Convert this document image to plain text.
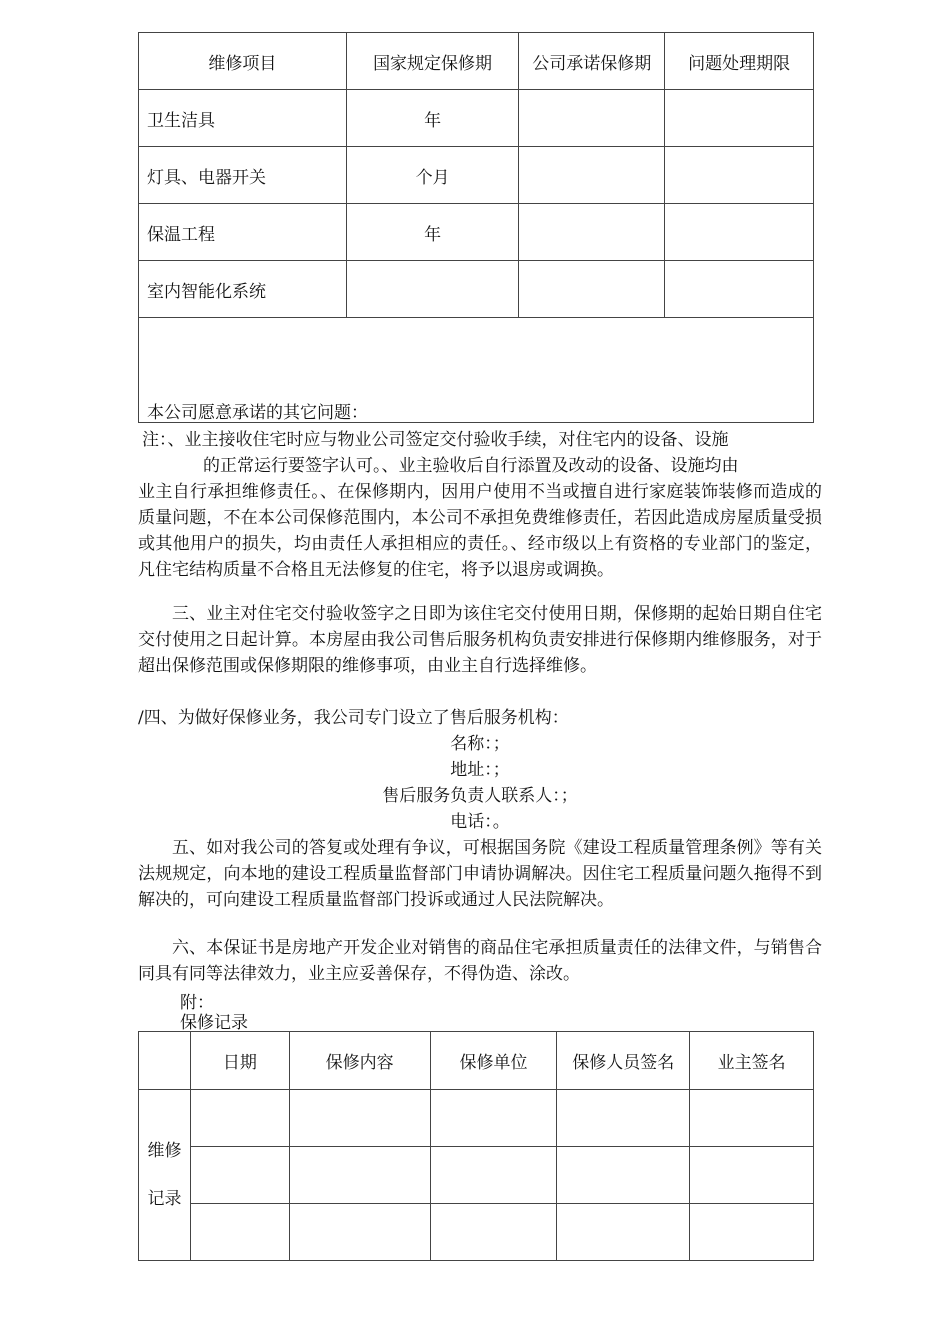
维修项目	国家规定保修期	公司承诺保修期	问题处理期限
卫生洁具	年		
灯具、电器开关	个月		
保温工程	年		
室内智能化系统			
本公司愿意承诺的其它问题：			
注：、业主接收住宅时应与物业公司签定交付验收手续，对住宅内的设备、设施
的正常运行要签字认可。、业主验收后自行添置及改动的设备、设施均由
业主自行承担维修责任。、在保修期内，因用户使用不当或擅自进行家庭装饰装修而造成的质量问题，不在本公司保修范围内，本公司不承担免费维修责任，若因此造成房屋质量受损或其他用户的损失，均由责任人承担相应的责任。、经市级以上有资格的专业部门的鉴定，凡住宅结构质量不合格且无法修复的住宅，将予以退房或调换。
三、业主对住宅交付验收签字之日即为该住宅交付使用日期，保修期的起始日期自住宅交付使用之日起计算。本房屋由我公司售后服务机构负责安排进行保修期内维修服务，对于超出保修范围或保修期限的维修事项，由业主自行选择维修。
/四、为做好保修业务，我公司专门设立了售后服务机构：
名称：；
地址：；
售后服务负责人联系人：；
电话：。
五、如对我公司的答复或处理有争议，可根据国务院《建设工程质量管理条例》等有关法规规定，向本地的建设工程质量监督部门申请协调解决。因住宅工程质量问题久拖得不到解决的，可向建设工程质量监督部门投诉或通过人民法院解决。
六、本保证书是房地产开发企业对销售的商品住宅承担质量责任的法律文件，与销售合同具有同等法律效力，业主应妥善保存，不得伪造、涂改。
附：
保修记录
	日期	保修内容	保修单位	保修人员签名	业主签名

维修
记录					
